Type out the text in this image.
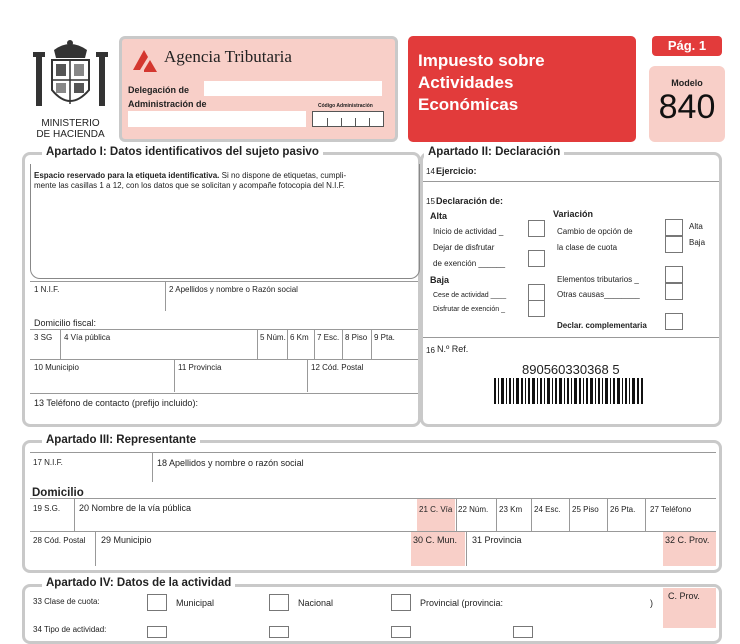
MINISTERIO
DE HACIENDA
Agencia Tributaria
Delegación de
Administración de	Código Administración
Impuesto sobre
Actividades
Económicas
Pág. 1
Modelo
840
Apartado I: Datos identificativos del sujeto pasivo
Espacio reservado para la etiqueta identificativa. Si no dispone de etiquetas, cumpli-
mente las casillas 1 a 12, con los datos que se solicitan y acompañe fotocopia del N.I.F.
1 N.I.F.	2 Apellidos y nombre o Razón social
Domicilio fiscal:
3 SG 4 Vía pública	5 Núm. 6 Km 7 Esc. 8 Piso 9 Pta.
10 Municipio	11 Provincia	12 Cód. Postal
13 Teléfono de contacto (prefijo incluido):
Apartado II: Declaración
14 Ejercicio:
15 Declaración de:
Alta
Inicio de actividad _
Dejar de disfrutar
de exención ______
Baja
Cese de actividad ____
Disfrutar de exención _
Variación
Cambio de opción de
la clase de cuota
Alta
Baja
Elementos tributarios _
Otras causas________
Declar. complementaria
16 N.º Ref.
890560330368 5
Apartado III: Representante
17 N.I.F.	18 Apellidos y nombre o razón social
Domicilio
19 S.G. 20 Nombre de la vía pública	21 C. Vía 22 Núm. 23 Km 24 Esc. 25 Piso 26 Pta. 27 Teléfono
28 Cód. Postal 29 Municipio	30 C. Mun. 31 Provincia	32 C. Prov.
Apartado IV: Datos de la actividad
33 Clase de cuota:	Municipal	Nacional	Provincial (provincia:	)
C. Prov.
34 Tipo de actividad:
